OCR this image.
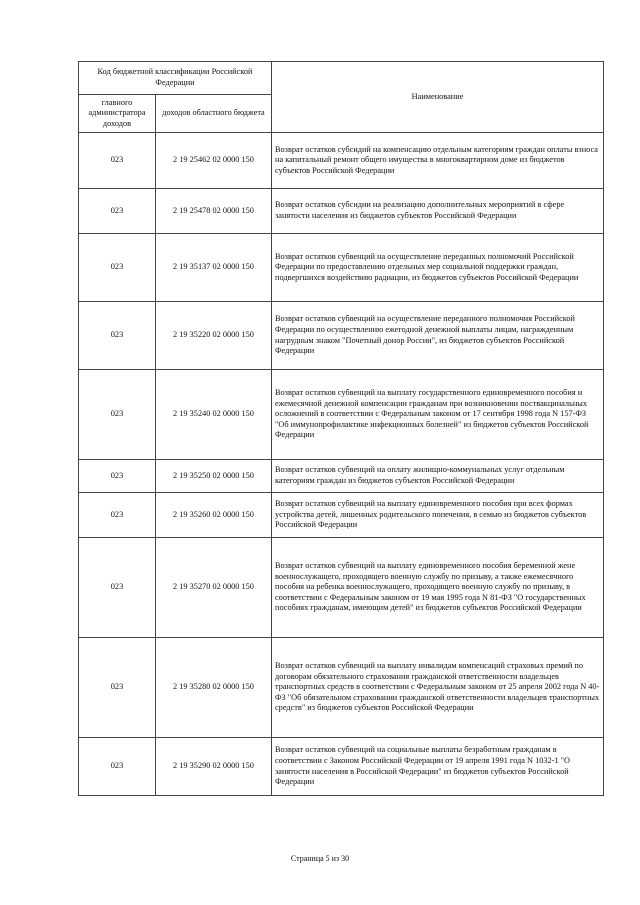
Код бюджетной классификации Российской Федерации		Наименование
главного администратора доходов	доходов областного бюджета	
023	2 19 25462 02 0000 150	Возврат остатков субсидий на компенсацию отдельным категориям граждан оплаты взноса на капитальный ремонт общего имущества в многоквартирном доме из бюджетов субъектов Российской Федерации
023	2 19 25478 02 0000 150	Возврат остатков субсидии на реализацию дополнительных мероприятий в сфере занятости населения из бюджетов субъектов Российской Федерации
023	2 19 35137 02 0000 150	Возврат остатков субвенций на осуществление переданных полномочий Российской Федерации по предоставлению отдельных мер социальной поддержки граждан, подвергшихся воздействию радиации, из бюджетов субъектов Российской Федерации
023	2 19 35220 02 0000 150	Возврат остатков субвенций на осуществление переданного полномочия Российской Федерации по осуществлению ежегодной денежной выплаты лицам, награжденным нагрудным знаком "Почетный донор России", из бюджетов субъектов Российской Федерации
023	2 19 35240 02 0000 150	Возврат остатков субвенций на выплату государственного единовременного пособия и ежемесячной денежной компенсации гражданам при возникновении поствакцинальных осложнений в соответствии с Федеральным законом от 17 сентября 1998 года N 157-ФЗ "Об иммунопрофилактике инфекционных болезней" из бюджетов субъектов Российской Федерации
023	2 19 35250 02 0000 150	Возврат остатков субвенций на оплату жилищно-коммунальных услуг отдельным категориям граждан из бюджетов субъектов Российской Федерации
023	2 19 35260 02 0000 150	Возврат остатков субвенций на выплату единовременного пособия при всех формах устройства детей, лишенных родительского попечения, в семью из бюджетов субъектов Российской Федерации
023	2 19 35270 02 0000 150	Возврат остатков субвенций на выплату единовременного пособия беременной жене военнослужащего, проходящего военную службу по призыву, а также ежемесячного пособия на ребенка военнослужащего, проходящего военную службу по призыву, в соответствии с Федеральным законом от 19 мая 1995 года N 81-ФЗ "О государственных пособиях гражданам, имеющим детей" из бюджетов субъектов Российской Федерации
023	2 19 35280 02 0000 150	Возврат остатков субвенций на выплату инвалидам компенсаций страховых премий по договорам обязательного страхования гражданской ответственности владельцев транспортных средств в соответствии с Федеральным законом от 25 апреля 2002 года N 40-ФЗ "Об обязательном страховании гражданской ответственности владельцев транспортных средств" из бюджетов субъектов Российской Федерации
023	2 19 35290 02 0000 150	Возврат остатков субвенций на социальные выплаты безработным гражданам в соответствии с Законом Российской Федерации от 19 апреля 1991 года N 1032-1 "О занятости населения в Российской Федерации" из бюджетов субъектов Российской Федерации
Страница 5 из 30
